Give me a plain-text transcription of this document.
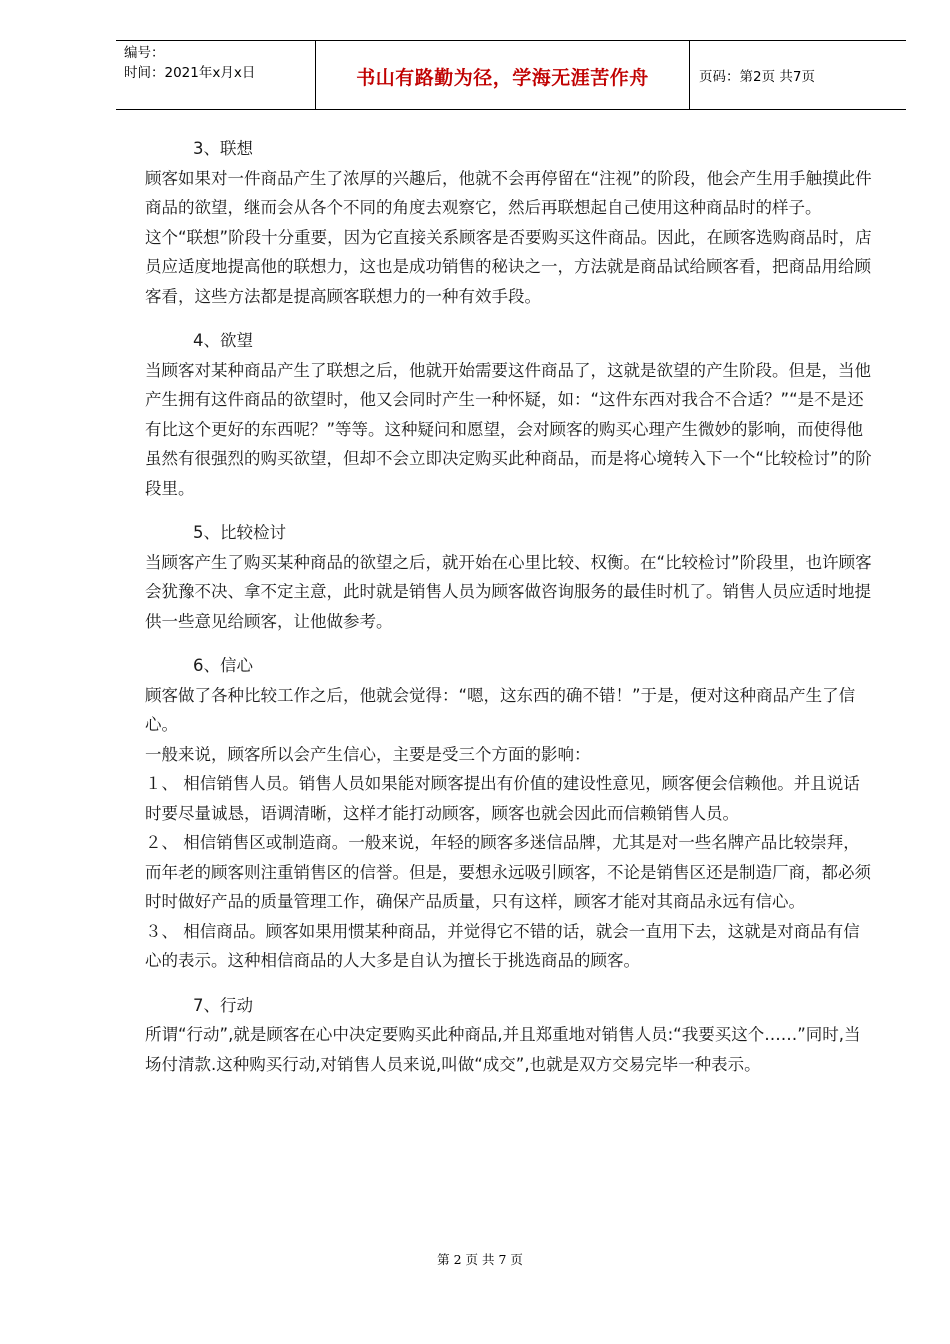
编号：
时间：2021年x月x日	书山有路勤为径，学海无涯苦作舟	页码：第2页 共7页

3、联想

顾客如果对一件商品产生了浓厚的兴趣后，他就不会再停留在“注视”的阶段，他会产生用手触摸此件商品的欲望，继而会从各个不同的角度去观察它，然后再联想起自己使用这种商品时的样子。

这个“联想”阶段十分重要，因为它直接关系顾客是否要购买这件商品。因此，在顾客选购商品时，店员应适度地提高他的联想力，这也是成功销售的秘诀之一，方法就是商品试给顾客看，把商品用给顾客看，这些方法都是提高顾客联想力的一种有效手段。

4、欲望

当顾客对某种商品产生了联想之后，他就开始需要这件商品了，这就是欲望的产生阶段。但是，当他产生拥有这件商品的欲望时，他又会同时产生一种怀疑，如：“这件东西对我合不合适？”“是不是还有比这个更好的东西呢？”等等。这种疑问和愿望，会对顾客的购买心理产生微妙的影响，而使得他虽然有很强烈的购买欲望，但却不会立即决定购买此种商品，而是将心境转入下一个“比较检讨”的阶段里。

5、比较检讨

当顾客产生了购买某种商品的欲望之后，就开始在心里比较、权衡。在“比较检讨”阶段里，也许顾客会犹豫不决、拿不定主意，此时就是销售人员为顾客做咨询服务的最佳时机了。销售人员应适时地提供一些意见给顾客，让他做参考。

6、信心

顾客做了各种比较工作之后，他就会觉得：“嗯，这东西的确不错！”于是，便对这种商品产生了信心。

一般来说，顾客所以会产生信心，主要是受三个方面的影响：

１、 相信销售人员。销售人员如果能对顾客提出有价值的建设性意见，顾客便会信赖他。并且说话时要尽量诚恳，语调清晰，这样才能打动顾客，顾客也就会因此而信赖销售人员。

２、 相信销售区或制造商。一般来说，年轻的顾客多迷信品牌，尤其是对一些名牌产品比较崇拜，而年老的顾客则注重销售区的信誉。但是，要想永远吸引顾客，不论是销售区还是制造厂商，都必须时时做好产品的质量管理工作，确保产品质量，只有这样，顾客才能对其商品永远有信心。

３、 相信商品。顾客如果用惯某种商品，并觉得它不错的话，就会一直用下去，这就是对商品有信心的表示。这种相信商品的人大多是自认为擅长于挑选商品的顾客。

7、行动

所谓“行动”,就是顾客在心中决定要购买此种商品,并且郑重地对销售人员:“我要买这个……”同时,当场付清款.这种购买行动,对销售人员来说,叫做“成交”,也就是双方交易完毕一种表示。

第 2 页 共 7 页
